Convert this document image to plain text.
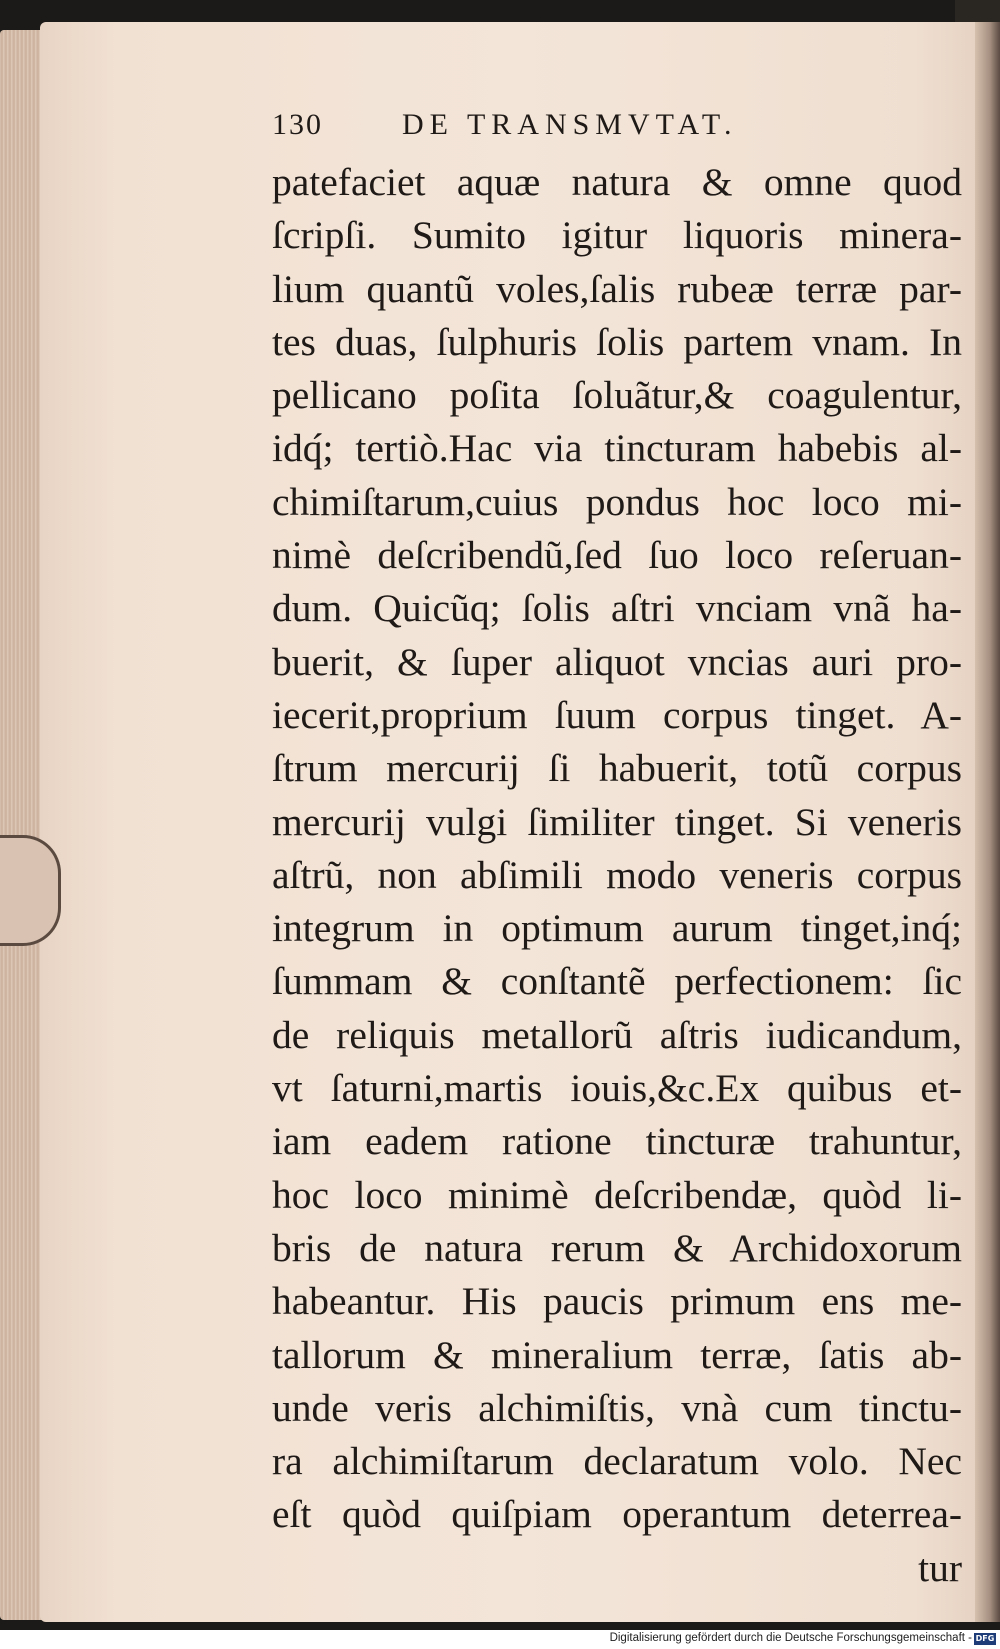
130	DE TRANSMVTAT.
patefaciet aquæ natura & omne quod
ſcripſi. Sumito igitur liquoris minera-
lium quantũ voles,ſalis rubeæ terræ par-
tes duas, ſulphuris ſolis partem vnam. In
pellicano poſita ſoluãtur,& coagulentur,
idq́; tertiò.Hac via tincturam habebis al-
chimiſtarum,cuius pondus hoc loco mi-
nimè deſcribendũ,ſed ſuo loco reſeruan-
dum. Quicũq; ſolis aſtri vnciam vnã ha-
buerit, & ſuper aliquot vncias auri pro-
iecerit,proprium ſuum corpus tinget. A-
ſtrum mercurij ſi habuerit, totũ corpus
mercurij vulgi ſimiliter tinget. Si veneris
aſtrũ, non abſimili modo veneris corpus
integrum in optimum aurum tinget,inq́;
ſummam & conſtantẽ perfectionem: ſic
de reliquis metallorũ aſtris iudicandum,
vt ſaturni,martis iouis,&c.Ex quibus et-
iam eadem ratione tincturæ trahuntur,
hoc loco minimè deſcribendæ, quòd li-
bris de natura rerum & Archidoxorum
habeantur. His paucis primum ens me-
tallorum & mineralium terræ, ſatis ab-
unde veris alchimiſtis, vnà cum tinctu-
ra alchimiſtarum declaratum volo. Nec
eſt quòd quiſpiam operantum deterrea-
tur
Digitalisierung gefördert durch die Deutsche Forschungsgemeinschaft - DFG
